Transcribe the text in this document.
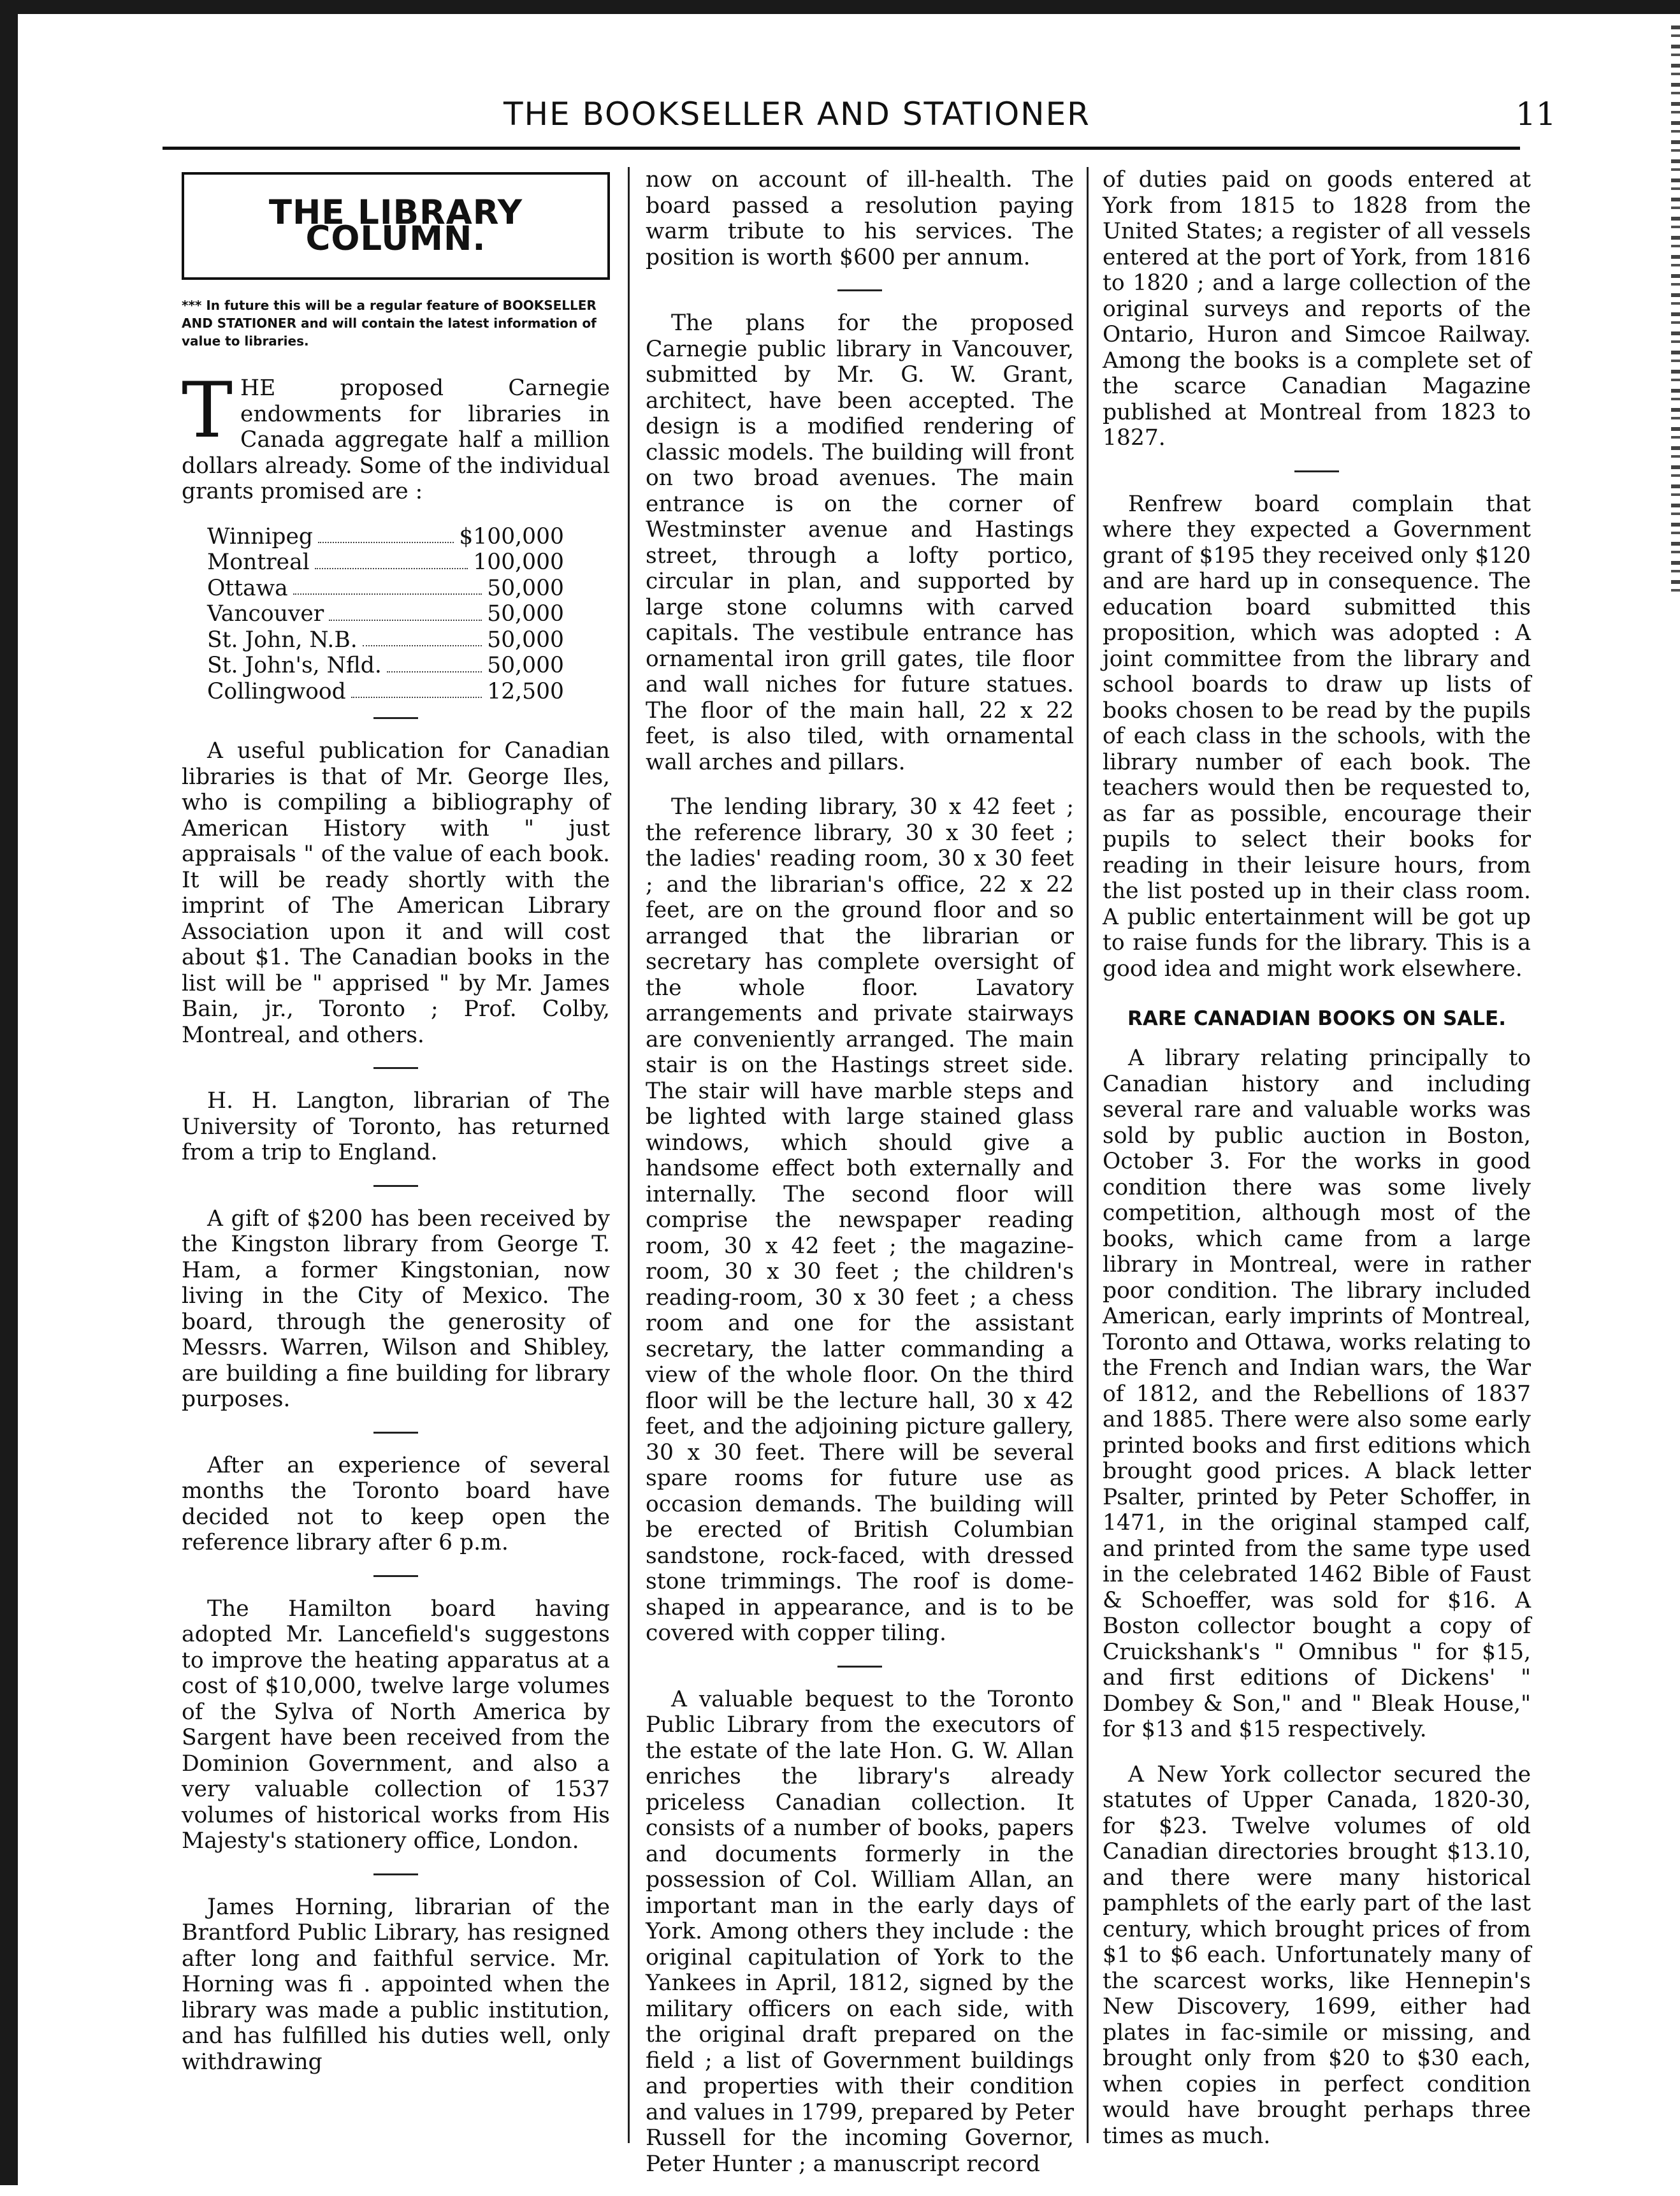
THE BOOKSELLER AND STATIONER	11
THE LIBRARY COLUMN.
*** In future this will be a regular feature of BOOKSELLER AND STATIONER and will contain the latest information of value to libraries.

THE proposed Carnegie endowments for libraries in Canada aggregate half a million dollars already. Some of the individual grants promised are :

Winnipeg	$100,000
Montreal	100,000
Ottawa	50,000
Vancouver	50,000
St. John, N.B.	50,000
St. John's, Nfld.	50,000
Collingwood	12,500

A useful publication for Canadian libraries is that of Mr. George Iles, who is compiling a bibliography of American History with " just appraisals " of the value of each book. It will be ready shortly with the imprint of The American Library Association upon it and will cost about $1. The Canadian books in the list will be " apprised " by Mr. James Bain, jr., Toronto ; Prof. Colby, Montreal, and others.

H. H. Langton, librarian of The University of Toronto, has returned from a trip to England.

A gift of $200 has been received by the Kingston library from George T. Ham, a former Kingstonian, now living in the City of Mexico. The board, through the generosity of Messrs. Warren, Wilson and Shibley, are building a fine building for library purposes.

After an experience of several months the Toronto board have decided not to keep open the reference library after 6 p.m.

The Hamilton board having adopted Mr. Lancefield's suggestons to improve the heating apparatus at a cost of $10,000, twelve large volumes of the Sylva of North America by Sargent have been received from the Dominion Government, and also a very valuable collection of 1537 volumes of historical works from His Majesty's stationery office, London.

James Horning, librarian of the Brantford Public Library, has resigned after long and faithful service. Mr. Horning was fi . appointed when the library was made a public institution, and has fulfilled his duties well, only withdrawing

now on account of ill-health. The board passed a resolution paying warm tribute to his services. The position is worth $600 per annum.

The plans for the proposed Carnegie public library in Vancouver, submitted by Mr. G. W. Grant, architect, have been accepted. The design is a modified rendering of classic models. The building will front on two broad avenues. The main entrance is on the corner of Westminster avenue and Hastings street, through a lofty portico, circular in plan, and supported by large stone columns with carved capitals. The vestibule entrance has ornamental iron grill gates, tile floor and wall niches for future statues. The floor of the main hall, 22 x 22 feet, is also tiled, with ornamental wall arches and pillars.

The lending library, 30 x 42 feet ; the reference library, 30 x 30 feet ; the ladies' reading room, 30 x 30 feet ; and the librarian's office, 22 x 22 feet, are on the ground floor and so arranged that the librarian or secretary has complete oversight of the whole floor. Lavatory arrangements and private stairways are conveniently arranged. The main stair is on the Hastings street side. The stair will have marble steps and be lighted with large stained glass windows, which should give a handsome effect both externally and internally. The second floor will comprise the newspaper reading room, 30 x 42 feet ; the magazine-room, 30 x 30 feet ; the children's reading-room, 30 x 30 feet ; a chess room and one for the assistant secretary, the latter commanding a view of the whole floor. On the third floor will be the lecture hall, 30 x 42 feet, and the adjoining picture gallery, 30 x 30 feet. There will be several spare rooms for future use as occasion demands. The building will be erected of British Columbian sandstone, rock-faced, with dressed stone trimmings. The roof is dome-shaped in appearance, and is to be covered with copper tiling.

A valuable bequest to the Toronto Public Library from the executors of the estate of the late Hon. G. W. Allan enriches the library's already priceless Canadian collection. It consists of a number of books, papers and documents formerly in the possession of Col. William Allan, an important man in the early days of York. Among others they include : the original capitulation of York to the Yankees in April, 1812, signed by the military officers on each side, with the original draft prepared on the field ; a list of Government buildings and properties with their condition and values in 1799, prepared by Peter Russell for the incoming Governor, Peter Hunter ; a manuscript record

of duties paid on goods entered at York from 1815 to 1828 from the United States; a register of all vessels entered at the port of York, from 1816 to 1820 ; and a large collection of the original surveys and reports of the Ontario, Huron and Simcoe Railway. Among the books is a complete set of the scarce Canadian Magazine published at Montreal from 1823 to 1827.

Renfrew board complain that where they expected a Government grant of $195 they received only $120 and are hard up in consequence. The education board submitted this proposition, which was adopted : A joint committee from the library and school boards to draw up lists of books chosen to be read by the pupils of each class in the schools, with the library number of each book. The teachers would then be requested to, as far as possible, encourage their pupils to select their books for reading in their leisure hours, from the list posted up in their class room. A public entertainment will be got up to raise funds for the library. This is a good idea and might work elsewhere.

RARE CANADIAN BOOKS ON SALE.

A library relating principally to Canadian history and including several rare and valuable works was sold by public auction in Boston, October 3. For the works in good condition there was some lively competition, although most of the books, which came from a large library in Montreal, were in rather poor condition. The library included American, early imprints of Montreal, Toronto and Ottawa, works relating to the French and Indian wars, the War of 1812, and the Rebellions of 1837 and 1885. There were also some early printed books and first editions which brought good prices. A black letter Psalter, printed by Peter Schoffer, in 1471, in the original stamped calf, and printed from the same type used in the celebrated 1462 Bible of Faust & Schoeffer, was sold for $16. A Boston collector bought a copy of Cruickshank's " Omnibus " for $15, and first editions of Dickens' " Dombey & Son," and " Bleak House," for $13 and $15 respectively.

A New York collector secured the statutes of Upper Canada, 1820-30, for $23. Twelve volumes of old Canadian directories brought $13.10, and there were many historical pamphlets of the early part of the last century, which brought prices of from $1 to $6 each. Unfortunately many of the scarcest works, like Hennepin's New Discovery, 1699, either had plates in fac-simile or missing, and brought only from $20 to $30 each, when copies in perfect condition would have brought perhaps three times as much.
